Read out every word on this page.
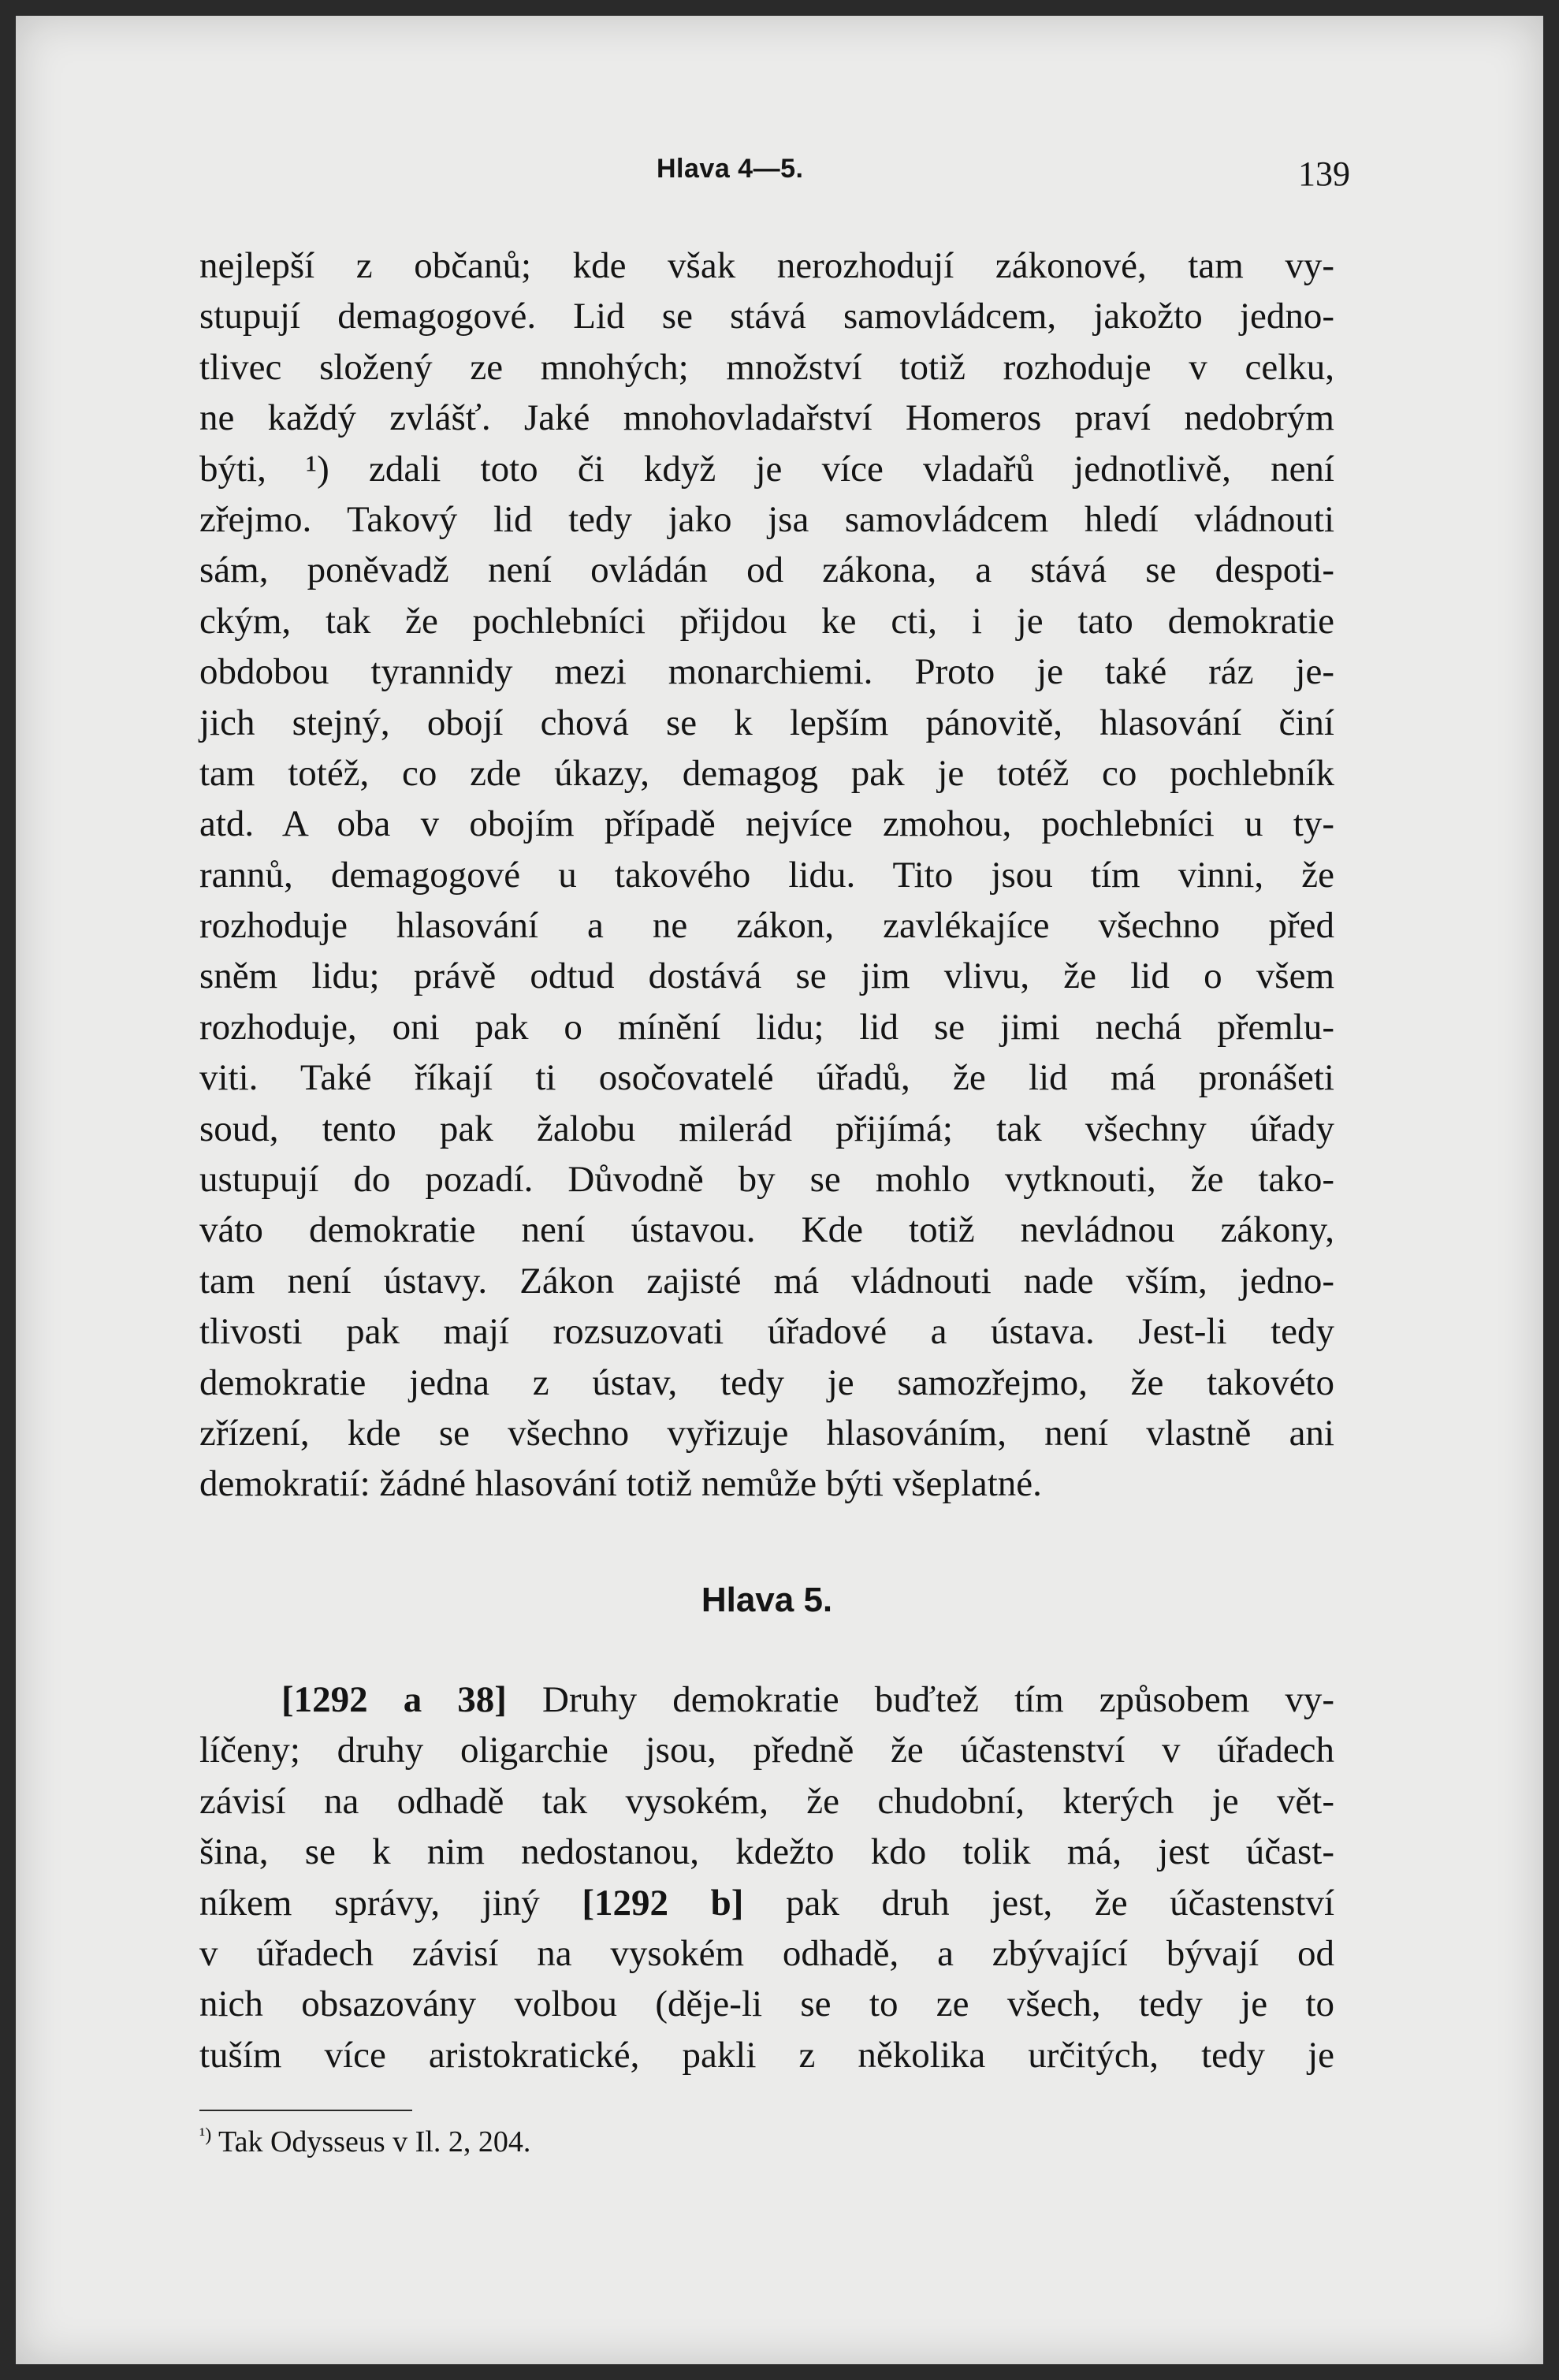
Hlava 4—5.	139
nejlepší z občanů; kde však nerozhodují zákonové, tam vy-
stupují demagogové. Lid se stává samovládcem, jakožto jedno-
tlivec složený ze mnohých; množství totiž rozhoduje v celku,
ne každý zvlášť. Jaké mnohovladařství Homeros praví nedobrým
býti, ¹) zdali toto či když je více vladařů jednotlivě, není
zřejmo. Takový lid tedy jako jsa samovládcem hledí vládnouti
sám, poněvadž není ovládán od zákona, a stává se despoti-
ckým, tak že pochlebníci přijdou ke cti, i je tato demokratie
obdobou tyrannidy mezi monarchiemi. Proto je také ráz je-
jich stejný, obojí chová se k lepším pánovitě, hlasování činí
tam totéž, co zde úkazy, demagog pak je totéž co pochlebník
atd. A oba v obojím případě nejvíce zmohou, pochlebníci u ty-
rannů, demagogové u takového lidu. Tito jsou tím vinni, že
rozhoduje hlasování a ne zákon, zavlékajíce všechno před
sněm lidu; právě odtud dostává se jim vlivu, že lid o všem
rozhoduje, oni pak o mínění lidu; lid se jimi nechá přemlu-
viti. Také říkají ti osočovatelé úřadů, že lid má pronášeti
soud, tento pak žalobu milerád přijímá; tak všechny úřady
ustupují do pozadí. Důvodně by se mohlo vytknouti, že tako-
váto demokratie není ústavou. Kde totiž nevládnou zákony,
tam není ústavy. Zákon zajisté má vládnouti nade vším, jedno-
tlivosti pak mají rozsuzovati úřadové a ústava. Jest-li tedy
demokratie jedna z ústav, tedy je samozřejmo, že takovéto
zřízení, kde se všechno vyřizuje hlasováním, není vlastně ani
demokratií: žádné hlasování totiž nemůže býti všeplatné.
Hlava 5.
[1292 a 38] Druhy demokratie buďtež tím způsobem vy-
líčeny; druhy oligarchie jsou, předně že účastenství v úřadech
závisí na odhadě tak vysokém, že chudobní, kterých je vět-
šina, se k nim nedostanou, kdežto kdo tolik má, jest účast-
níkem správy, jiný [1292 b] pak druh jest, že účastenství
v úřadech závisí na vysokém odhadě, a zbývající bývají od
nich obsazovány volbou (děje-li se to ze všech, tedy je to
tuším více aristokratické, pakli z několika určitých, tedy je
$^{^1)}$ Tak Odysseus v Il. 2, 204.
